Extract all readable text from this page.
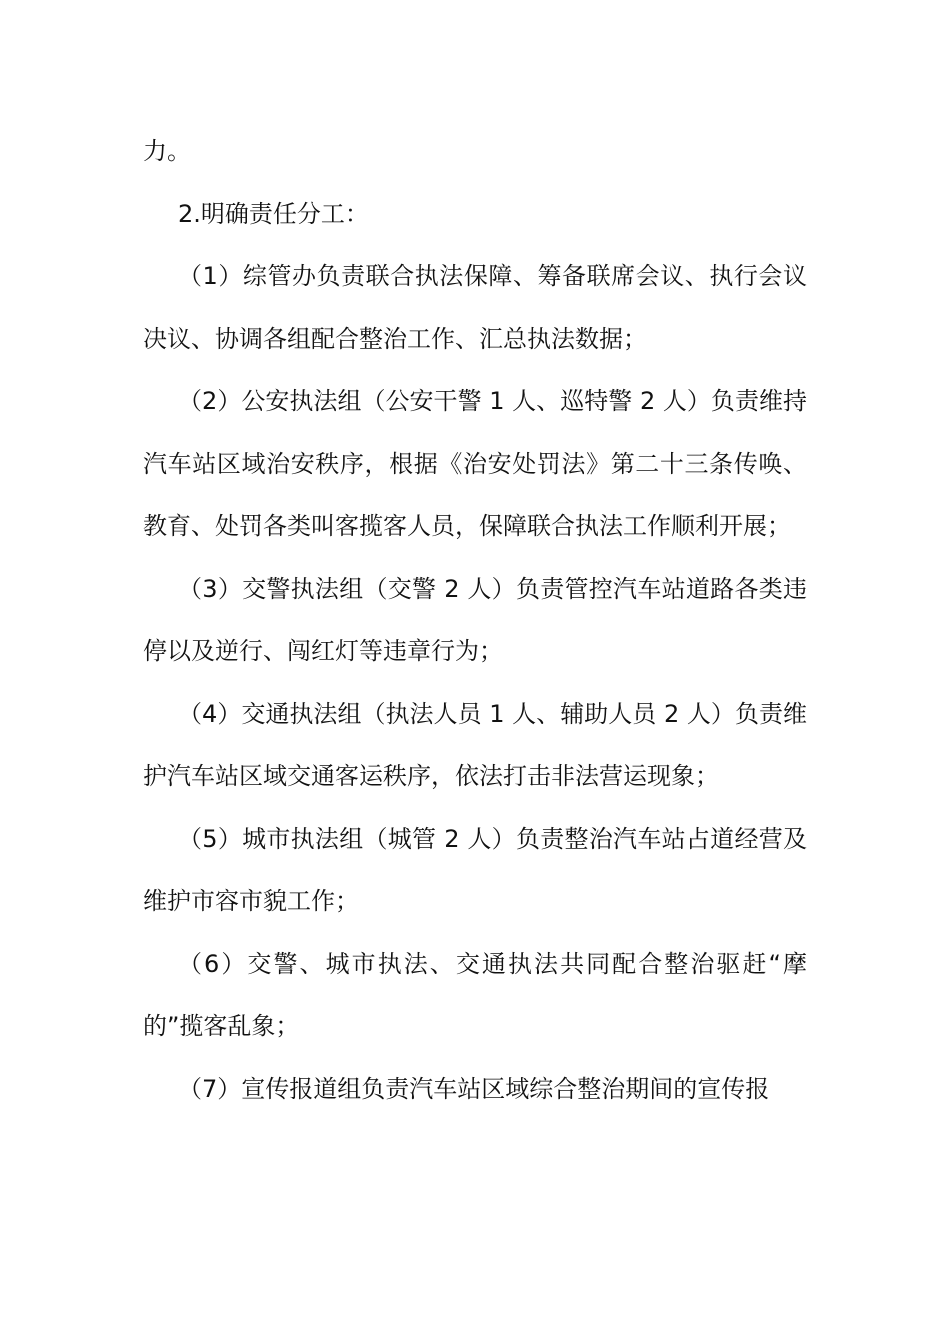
力。

2.明确责任分工：

（1）综管办负责联合执法保障、筹备联席会议、执行会议决议、协调各组配合整治工作、汇总执法数据；

（2）公安执法组（公安干警 1 人、巡特警 2 人）负责维持汽车站区域治安秩序，根据《治安处罚法》第二十三条传唤、教育、处罚各类叫客揽客人员，保障联合执法工作顺利开展；

（3）交警执法组（交警 2 人）负责管控汽车站道路各类违停以及逆行、闯红灯等违章行为；

（4）交通执法组（执法人员 1 人、辅助人员 2 人）负责维护汽车站区域交通客运秩序，依法打击非法营运现象；

（5）城市执法组（城管 2 人）负责整治汽车站占道经营及维护市容市貌工作；

（6）交警、城市执法、交通执法共同配合整治驱赶“摩的”揽客乱象；

（7）宣传报道组负责汽车站区域综合整治期间的宣传报
